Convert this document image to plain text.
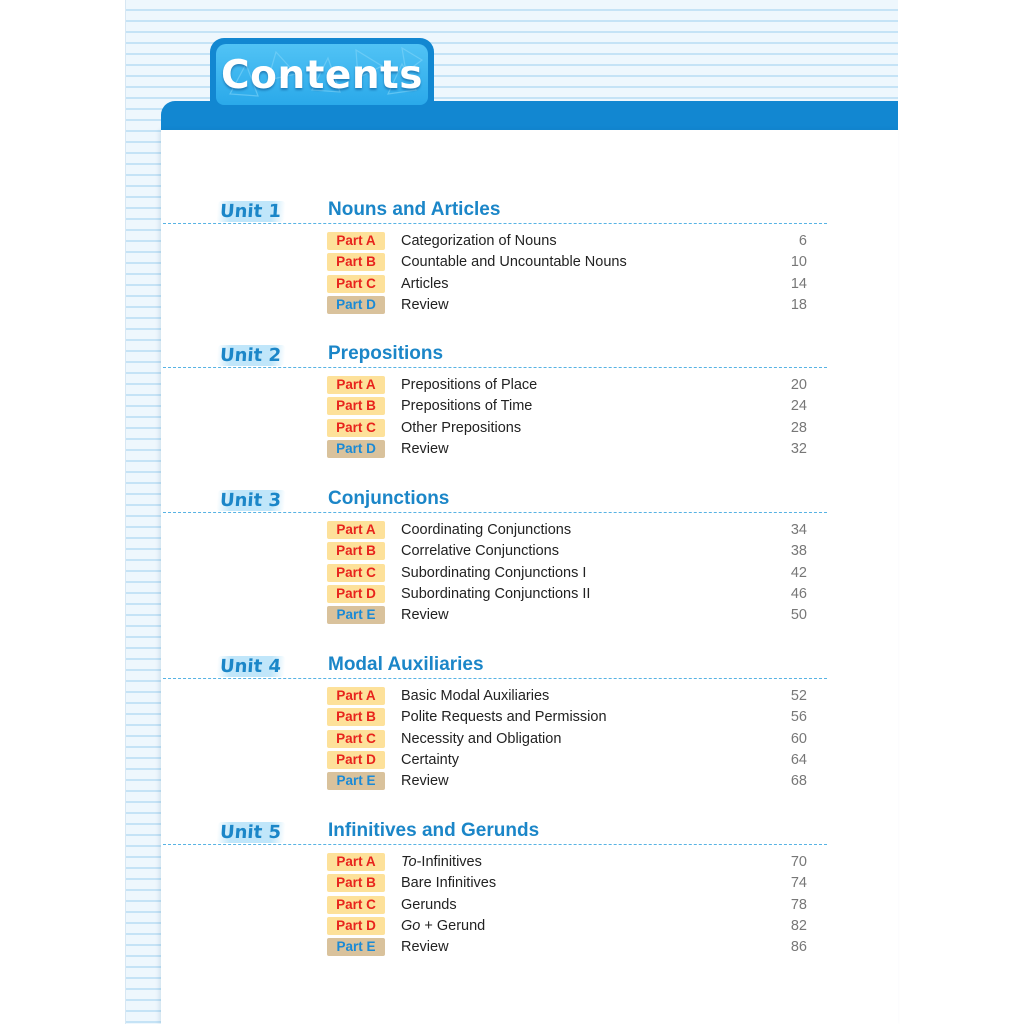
Contents
Unit 1 Nouns and Articles
Part A	Categorization of Nouns	6
Part B	Countable and Uncountable Nouns	10
Part C	Articles	14
Part D	Review	18
Unit 2 Prepositions
Part A	Prepositions of Place	20
Part B	Prepositions of Time	24
Part C	Other Prepositions	28
Part D	Review	32
Unit 3 Conjunctions
Part A	Coordinating Conjunctions	34
Part B	Correlative Conjunctions	38
Part C	Subordinating Conjunctions I	42
Part D	Subordinating Conjunctions II	46
Part E	Review	50
Unit 4 Modal Auxiliaries
Part A	Basic Modal Auxiliaries	52
Part B	Polite Requests and Permission	56
Part C	Necessity and Obligation	60
Part D	Certainty	64
Part E	Review	68
Unit 5 Infinitives and Gerunds
Part A	To-Infinitives	70
Part B	Bare Infinitives	74
Part C	Gerunds	78
Part D	Go + Gerund	82
Part E	Review	86
